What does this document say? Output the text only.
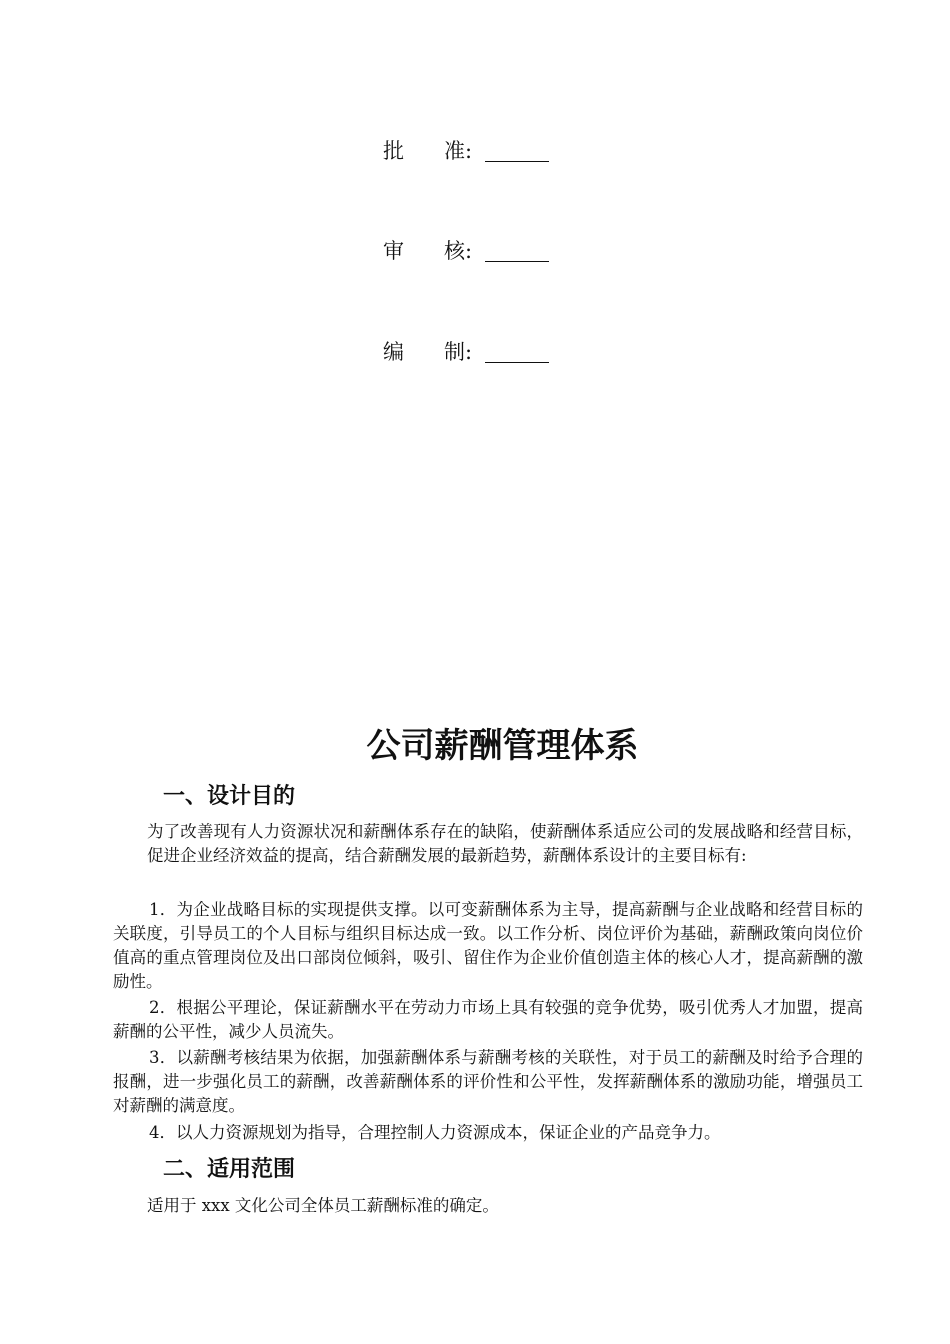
批 准:
审 核:
编 制:
公司薪酬管理体系
一、设计目的

为了改善现有人力资源状况和薪酬体系存在的缺陷，使薪酬体系适应公司的发展战略和经营目标，促进企业经济效益的提高，结合薪酬发展的最新趋势，薪酬体系设计的主要目标有:

1．为企业战略目标的实现提供支撑。以可变薪酬体系为主导，提高薪酬与企业战略和经营目标的关联度，引导员工的个人目标与组织目标达成一致。以工作分析、岗位评价为基础，薪酬政策向岗位价值高的重点管理岗位及出口部岗位倾斜，吸引、留住作为企业价值创造主体的核心人才，提高薪酬的激励性。

2．根据公平理论，保证薪酬水平在劳动力市场上具有较强的竞争优势，吸引优秀人才加盟，提高薪酬的公平性，减少人员流失。

3．以薪酬考核结果为依据，加强薪酬体系与薪酬考核的关联性，对于员工的薪酬及时给予合理的报酬，进一步强化员工的薪酬，改善薪酬体系的评价性和公平性，发挥薪酬体系的激励功能，增强员工对薪酬的满意度。

4．以人力资源规划为指导，合理控制人力资源成本，保证企业的产品竞争力。

二、适用范围

适用于 xxx 文化公司全体员工薪酬标准的确定。
